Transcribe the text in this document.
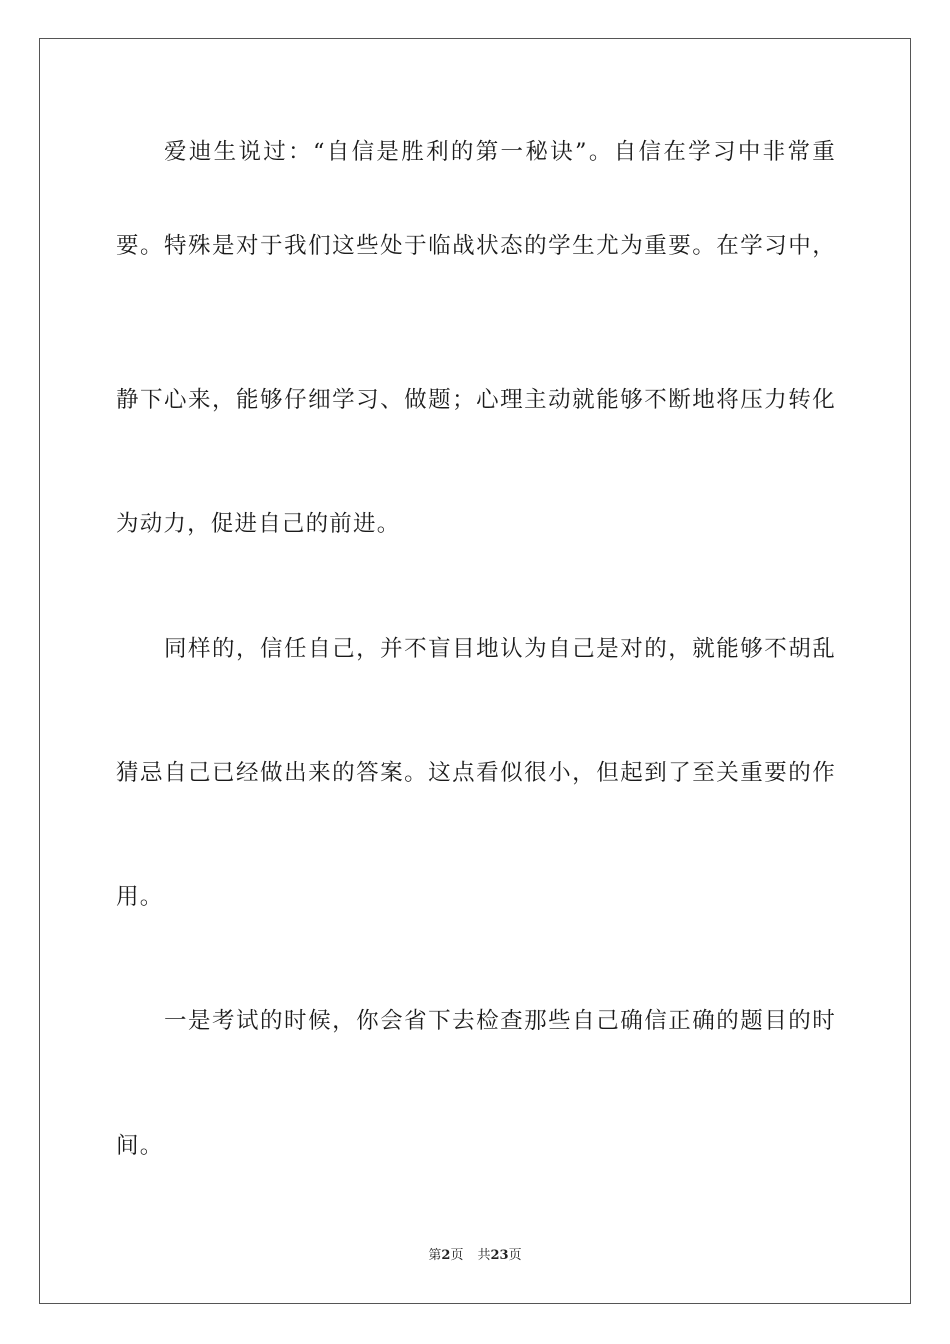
爱迪生说过：“自信是胜利的第一秘诀”。自信在学习中非常重
要。特殊是对于我们这些处于临战状态的学生尤为重要。在学习中，
静下心来，能够仔细学习、做题；心理主动就能够不断地将压力转化
为动力，促进自己的前进。
同样的，信任自己，并不盲目地认为自己是对的，就能够不胡乱
猜忌自己已经做出来的答案。这点看似很小，但起到了至关重要的作
用。
一是考试的时候，你会省下去检查那些自己确信正确的题目的时
间。
第2页 共23页
